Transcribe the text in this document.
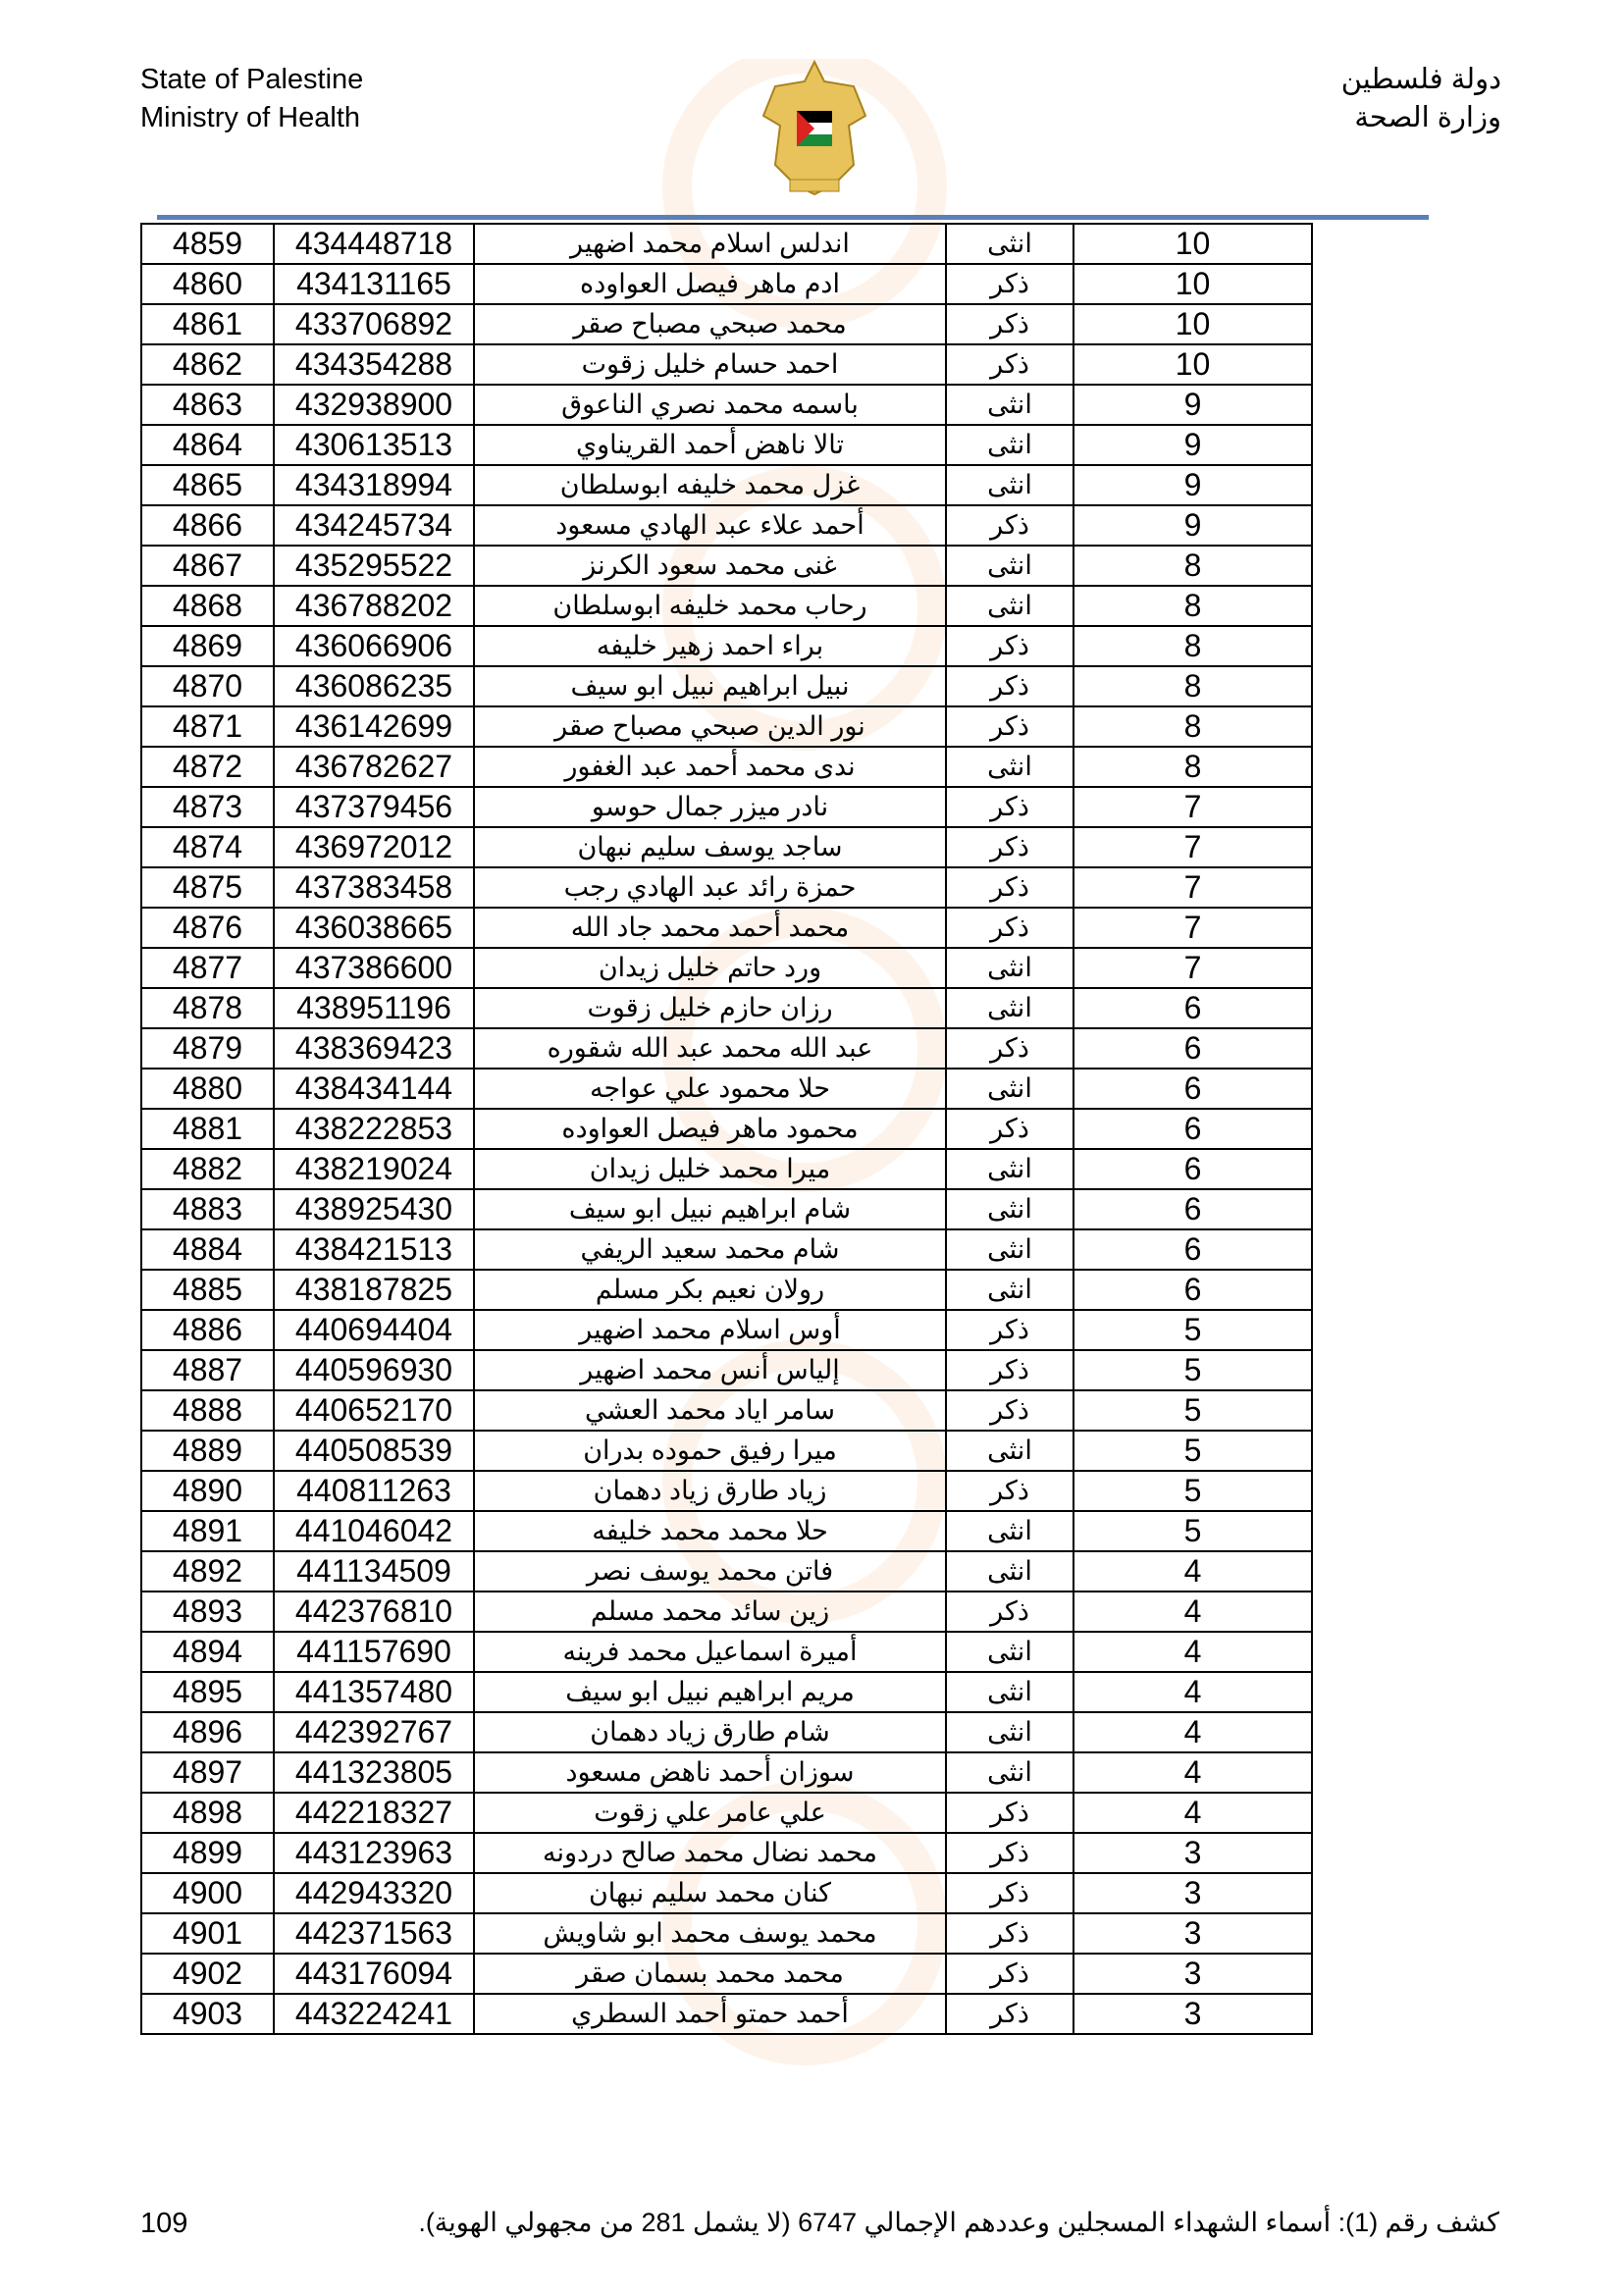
State of Palestine
Ministry of Health
دولة فلسطين
وزارة الصحة
4859	434448718	اندلس اسلام محمد اضهير	انثى	10
4860	434131165	ادم ماهر فيصل العواوده	ذكر	10
4861	433706892	محمد صبحي مصباح صقر	ذكر	10
4862	434354288	احمد حسام خليل زقوت	ذكر	10
4863	432938900	باسمه محمد نصري الناعوق	انثى	9
4864	430613513	تالا ناهض أحمد القريناوي	انثى	9
4865	434318994	غزل محمد خليفه ابوسلطان	انثى	9
4866	434245734	أحمد علاء عبد الهادي مسعود	ذكر	9
4867	435295522	غنى محمد سعود الكرنز	انثى	8
4868	436788202	رحاب محمد خليفه ابوسلطان	انثى	8
4869	436066906	براء احمد زهير خليفه	ذكر	8
4870	436086235	نبيل ابراهيم نبيل ابو سيف	ذكر	8
4871	436142699	نور الدين صبحي مصباح صقر	ذكر	8
4872	436782627	ندى محمد أحمد عبد الغفور	انثى	8
4873	437379456	نادر ميزر جمال حوسو	ذكر	7
4874	436972012	ساجد يوسف سليم نبهان	ذكر	7
4875	437383458	حمزة رائد عبد الهادي رجب	ذكر	7
4876	436038665	محمد أحمد محمد جاد الله	ذكر	7
4877	437386600	ورد حاتم خليل زيدان	انثى	7
4878	438951196	رزان حازم خليل زقوت	انثى	6
4879	438369423	عبد الله محمد عبد الله شقوره	ذكر	6
4880	438434144	حلا محمود علي عواجه	انثى	6
4881	438222853	محمود ماهر فيصل العواوده	ذكر	6
4882	438219024	ميرا محمد خليل زيدان	انثى	6
4883	438925430	شام ابراهيم نبيل ابو سيف	انثى	6
4884	438421513	شام محمد سعيد الريفي	انثى	6
4885	438187825	رولان نعيم بكر مسلم	انثى	6
4886	440694404	أوس اسلام محمد اضهير	ذكر	5
4887	440596930	إلياس أنس محمد اضهير	ذكر	5
4888	440652170	سامر اياد محمد العشي	ذكر	5
4889	440508539	ميرا رفيق حموده بدران	انثى	5
4890	440811263	زياد طارق زياد دهمان	ذكر	5
4891	441046042	حلا محمد محمد خليفه	انثى	5
4892	441134509	فاتن محمد يوسف نصر	انثى	4
4893	442376810	زين سائد محمد مسلم	ذكر	4
4894	441157690	أميرة اسماعيل محمد فرينه	انثى	4
4895	441357480	مريم ابراهيم نبيل ابو سيف	انثى	4
4896	442392767	شام طارق زياد دهمان	انثى	4
4897	441323805	سوزان أحمد ناهض مسعود	انثى	4
4898	442218327	علي عامر علي زقوت	ذكر	4
4899	443123963	محمد نضال محمد صالح دردونه	ذكر	3
4900	442943320	كنان محمد سليم نبهان	ذكر	3
4901	442371563	محمد يوسف محمد ابو شاويش	ذكر	3
4902	443176094	محمد محمد بسمان صقر	ذكر	3
4903	443224241	أحمد حمتو أحمد السطري	ذكر	3
109	كشف رقم (1): أسماء الشهداء المسجلين وعددهم الإجمالي 6747 (لا يشمل 281 من مجهولي الهوية).
